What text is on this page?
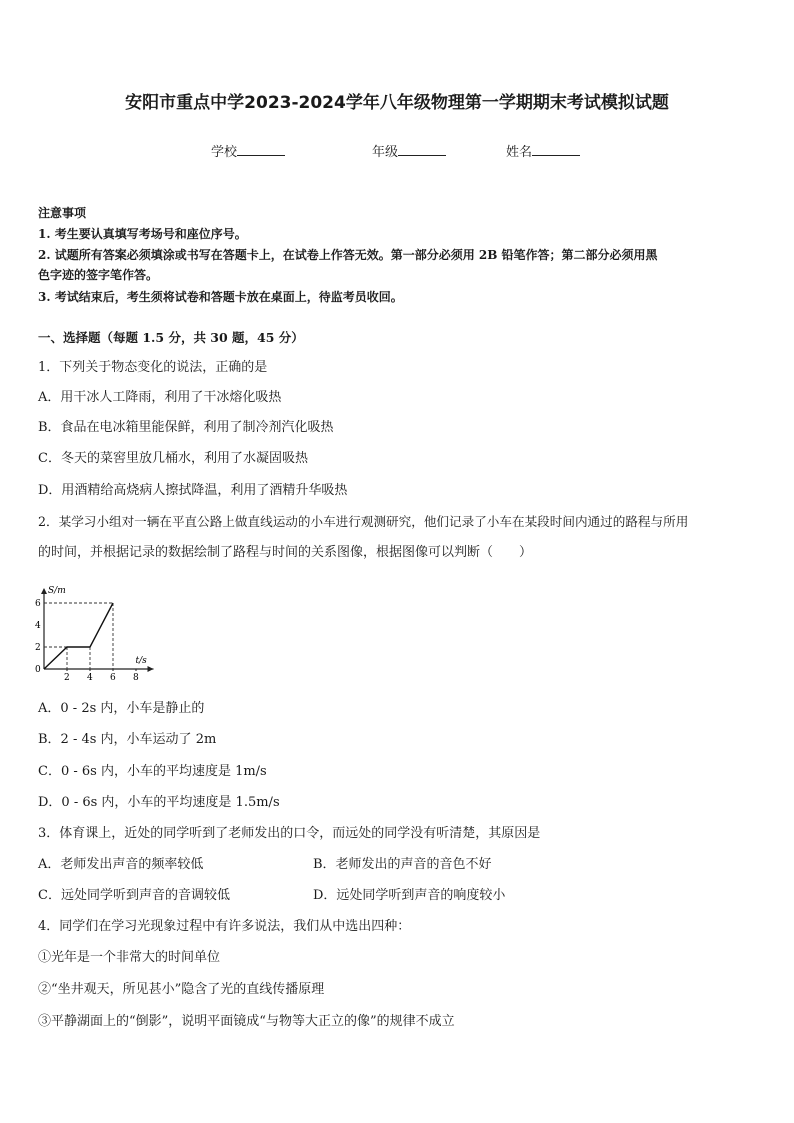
安阳市重点中学2023-2024学年八年级物理第一学期期末考试模拟试题
学校	年级	姓名
注意事项
1. 考生要认真填写考场号和座位序号。
2. 试题所有答案必须填涂或书写在答题卡上，在试卷上作答无效。第一部分必须用 2B 铅笔作答；第二部分必须用黑
色字迹的签字笔作答。
3. 考试结束后，考生须将试卷和答题卡放在桌面上，待监考员收回。
一、选择题（每题 1.5 分，共 30 题，45 分）
1．下列关于物态变化的说法，正确的是
A．用干冰人工降雨，利用了干冰熔化吸热
B．食品在电冰箱里能保鲜，利用了制冷剂汽化吸热
C．冬天的菜窖里放几桶水，利用了水凝固吸热
D．用酒精给高烧病人擦拭降温，利用了酒精升华吸热
2．某学习小组对一辆在平直公路上做直线运动的小车进行观测研究，他们记录了小车在某段时间内通过的路程与所用
的时间，并根据记录的数据绘制了路程与时间的关系图像，根据图像可以判断（　　）
S/m
t/s
2 4 6 8
0
2
4
6
A．0 - 2s 内，小车是静止的
B．2 - 4s 内，小车运动了 2m
C．0 - 6s 内，小车的平均速度是 1m/s
D．0 - 6s 内，小车的平均速度是 1.5m/s
3．体育课上，近处的同学听到了老师发出的口令，而远处的同学没有听清楚，其原因是
A．老师发出声音的频率较低	B．老师发出的声音的音色不好
C．远处同学听到声音的音调较低	D．远处同学听到声音的响度较小
4．同学们在学习光现象过程中有许多说法，我们从中选出四种：
①光年是一个非常大的时间单位
②“坐井观天，所见甚小”隐含了光的直线传播原理
③平静湖面上的“倒影”，说明平面镜成“与物等大正立的像”的规律不成立
